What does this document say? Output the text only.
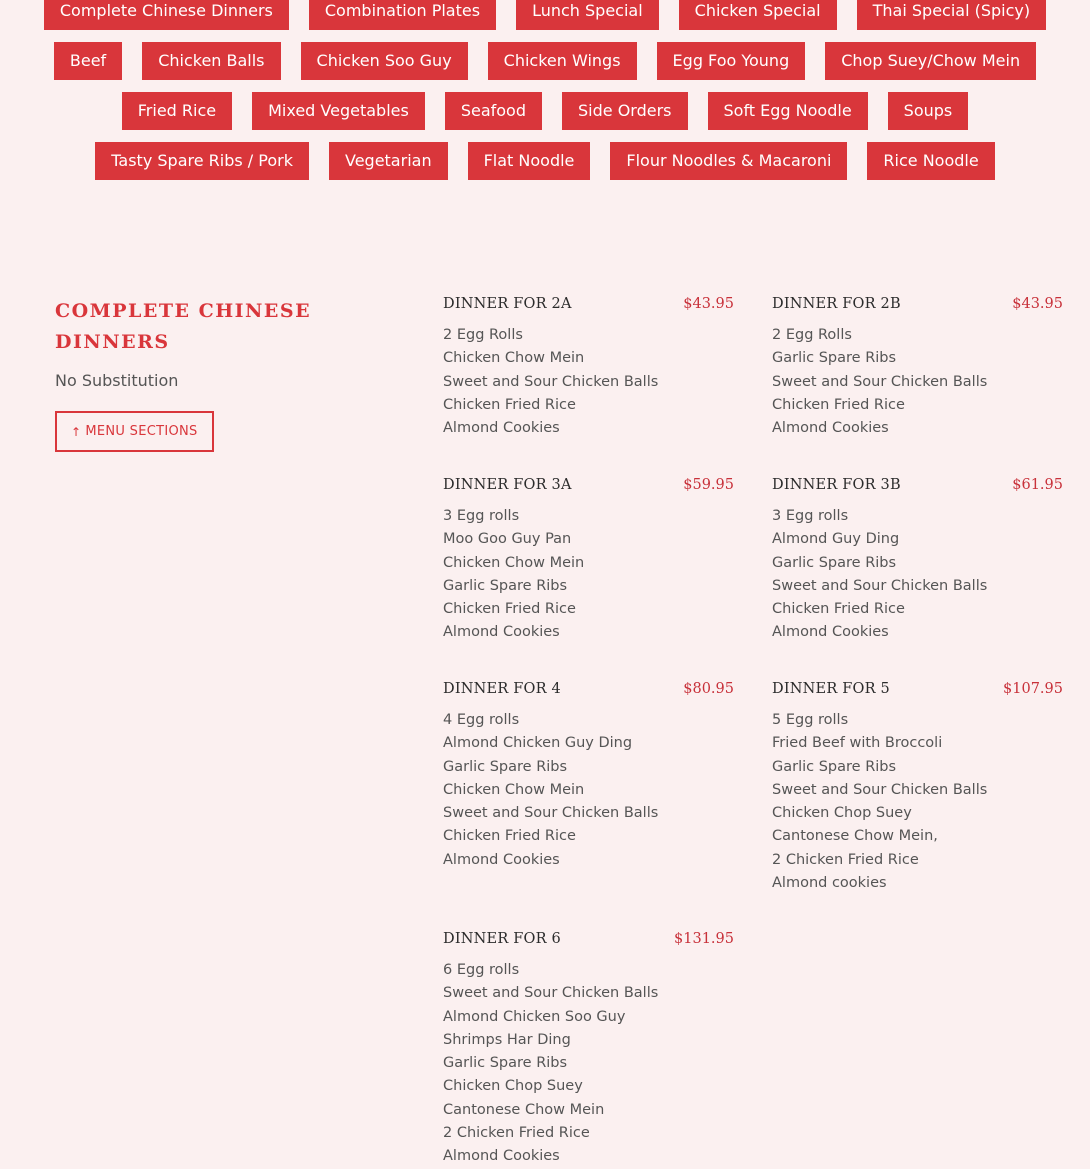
Complete Chinese Dinners	Combination Plates	Lunch Special	Chicken Special	Thai Special (Spicy)
Beef	Chicken Balls	Chicken Soo Guy	Chicken Wings	Egg Foo Young	Chop Suey/Chow Mein
Fried Rice	Mixed Vegetables	Seafood	Side Orders	Soft Egg Noodle	Soups
Tasty Spare Ribs / Pork	Vegetarian	Flat Noodle	Flour Noodles & Macaroni	Rice Noodle
COMPLETE CHINESE DINNERS
No Substitution
↑ MENU SECTIONS
DINNER FOR 2A	$43.95
2 Egg Rolls
Chicken Chow Mein
Sweet and Sour Chicken Balls
Chicken Fried Rice
Almond Cookies
DINNER FOR 2B	$43.95
2 Egg Rolls
Garlic Spare Ribs
Sweet and Sour Chicken Balls
Chicken Fried Rice
Almond Cookies
DINNER FOR 3A	$59.95
3 Egg rolls
Moo Goo Guy Pan
Chicken Chow Mein
Garlic Spare Ribs
Chicken Fried Rice
Almond Cookies
DINNER FOR 3B	$61.95
3 Egg rolls
Almond Guy Ding
Garlic Spare Ribs
Sweet and Sour Chicken Balls
Chicken Fried Rice
Almond Cookies
DINNER FOR 4	$80.95
4 Egg rolls
Almond Chicken Guy Ding
Garlic Spare Ribs
Chicken Chow Mein
Sweet and Sour Chicken Balls
Chicken Fried Rice
Almond Cookies
DINNER FOR 5	$107.95
5 Egg rolls
Fried Beef with Broccoli
Garlic Spare Ribs
Sweet and Sour Chicken Balls
Chicken Chop Suey
Cantonese Chow Mein,
2 Chicken Fried Rice
Almond cookies
DINNER FOR 6	$131.95
6 Egg rolls
Sweet and Sour Chicken Balls
Almond Chicken Soo Guy
Shrimps Har Ding
Garlic Spare Ribs
Chicken Chop Suey
Cantonese Chow Mein
2 Chicken Fried Rice
Almond Cookies
